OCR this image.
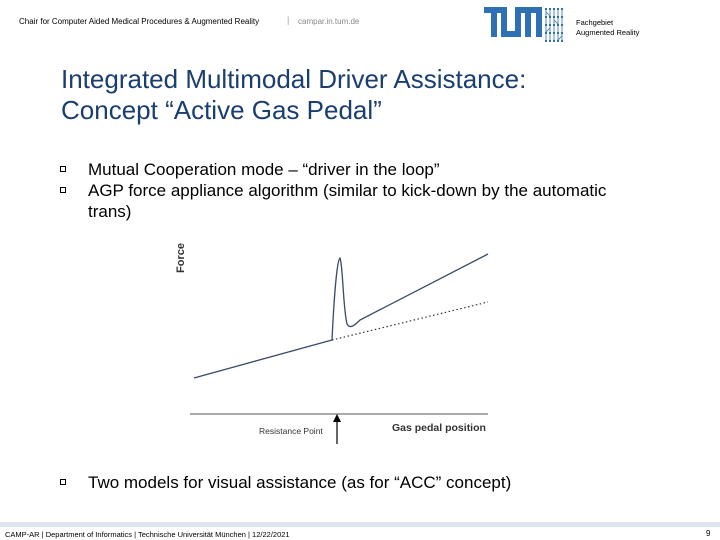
Chair for Computer Aided Medical Procedures & Augmented Reality	| campar.in.tum.de	Fachgebiet
Augmented Reality
Integrated Multimodal Driver Assistance:
Concept “Active Gas Pedal”
Mutual Cooperation mode – “driver in the loop”
AGP force appliance algorithm (similar to kick-down by the automatic trans)
Force
Resistance Point	Gas pedal position
Two models for visual assistance (as for “ACC” concept)
CAMP-AR | Department of Informatics | Technische Universität München | 12/22/2021	9
